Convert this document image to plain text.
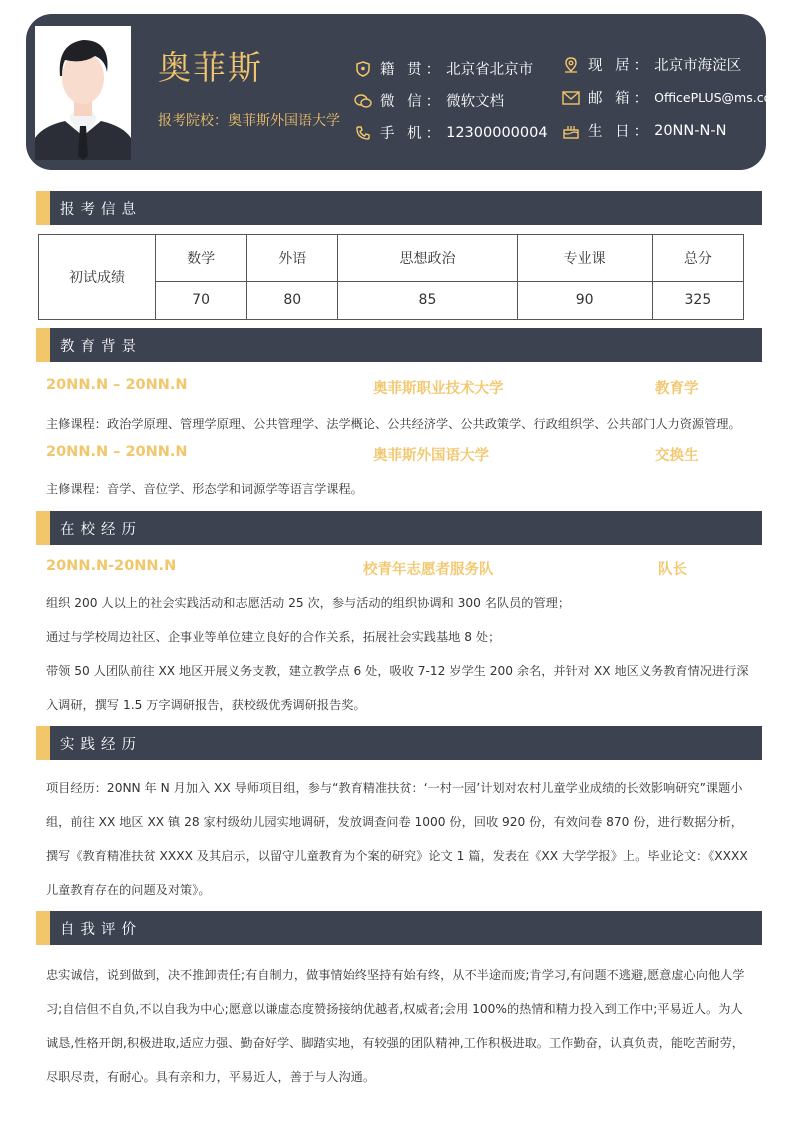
奥菲斯
报考院校：奥菲斯外国语大学
籍 贯： 北京省北京市
微 信： 微软文档
手 机： 12300000004
现 居： 北京市海淀区
邮 箱： OfficePLUS@ms.com
生 日： 20NN-N-N
报考信息
初试成绩	数学	外语	思想政治	专业课	总分
	70	80	85	90	325
教育背景
20NN.N – 20NN.N	奥菲斯职业技术大学	教育学
主修课程：政治学原理、管理学原理、公共管理学、法学概论、公共经济学、公共政策学、行政组织学、公共部门人力资源管理。
20NN.N – 20NN.N	奥菲斯外国语大学	交换生
主修课程：音学、音位学、形态学和词源学等语言学课程。
在校经历
20NN.N-20NN.N	校青年志愿者服务队	队长
组织 200 人以上的社会实践活动和志愿活动 25 次，参与活动的组织协调和 300 名队员的管理；
通过与学校周边社区、企事业等单位建立良好的合作关系，拓展社会实践基地 8 处；
带领 50 人团队前往 XX 地区开展义务支教，建立教学点 6 处，吸收 7-12 岁学生 200 余名，并针对 XX 地区义务教育情况进行深入调研，撰写 1.5 万字调研报告，获校级优秀调研报告奖。
实践经历
项目经历：20NN 年 N 月加入 XX 导师项目组，参与“教育精准扶贫：‘一村一园’计划对农村儿童学业成绩的长效影响研究”课题小组，前往 XX 地区 XX 镇 28 家村级幼儿园实地调研，发放调查问卷 1000 份，回收 920 份，有效问卷 870 份，进行数据分析，撰写《教育精准扶贫 XXXX 及其启示，以留守儿童教育为个案的研究》论文 1 篇，发表在《XX 大学学报》上。毕业论文：《XXXX 儿童教育存在的问题及对策》。
自我评价
忠实诚信，说到做到，决不推卸责任;有自制力，做事情始终坚持有始有终，从不半途而废;肯学习,有问题不逃避,愿意虚心向他人学习;自信但不自负,不以自我为中心;愿意以谦虚态度赞扬接纳优越者,权威者;会用 100%的热情和精力投入到工作中;平易近人。为人诚恳,性格开朗,积极进取,适应力强、勤奋好学、脚踏实地，有较强的团队精神,工作积极进取。工作勤奋，认真负责，能吃苦耐劳，尽职尽责，有耐心。具有亲和力，平易近人，善于与人沟通。
